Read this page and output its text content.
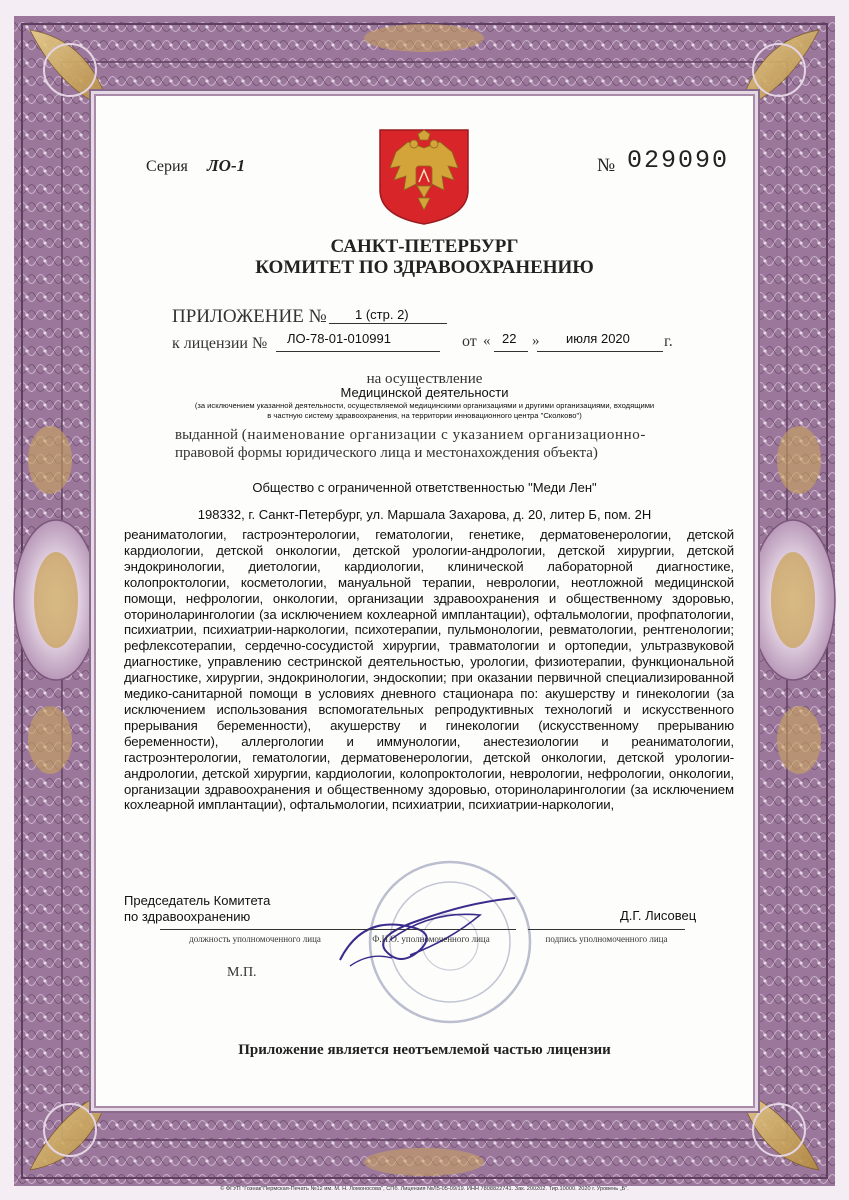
Серия ЛО-1	№ 029090
САНКТ-ПЕТЕРБУРГ
КОМИТЕТ ПО ЗДРАВООХРАНЕНИЮ
ПРИЛОЖЕНИЕ № 1 (стр. 2)
к лицензии № ЛО-78-01-010991	от « 22 » июля 2020 г.
на осуществление
Медицинской деятельности
(за исключением указанной деятельности, осуществляемой медицинскими организациями и другими организациями, входящими
в частную систему здравоохранения, на территории инновационного центра "Сколково")
выданной (наименование организации с указанием организационно-
правовой формы юридического лица и местонахождения объекта)
Общество с ограниченной ответственностью "Меди Лен"
198332, г. Санкт-Петербург, ул. Маршала Захарова, д. 20, литер Б, пом. 2Н
реаниматологии, гастроэнтерологии, гематологии, генетике, дерматовенерологии, детской кардиологии, детской онкологии, детской урологии-андрологии, детской хирургии, детской эндокринологии, диетологии, кардиологии, клинической лабораторной диагностике, колопроктологии, косметологии, мануальной терапии, неврологии, неотложной медицинской помощи, нефрологии, онкологии, организации здравоохранения и общественному здоровью, оториноларингологии (за исключением кохлеарной имплантации), офтальмологии, профпатологии, психиатрии, психиатрии-наркологии, психотерапии, пульмонологии, ревматологии, рентгенологии; рефлексотерапии, сердечно-сосудистой хирургии, травматологии и ортопедии, ультразвуковой диагностике, управлению сестринской деятельностью, урологии, физиотерапии, функциональной диагностике, хирургии, эндокринологии, эндоскопии; при оказании первичной специализированной медико-санитарной помощи в условиях дневного стационара по: акушерству и гинекологии (за исключением использования вспомогательных репродуктивных технологий и искусственного прерывания беременности), акушерству и гинекологии (искусственному прерыванию беременности), аллергологии и иммунологии, анестезиологии и реаниматологии, гастроэнтерологии, гематологии, дерматовенерологии, детской онкологии, детской урологии-андрологии, детской хирургии, кардиологии, колопроктологии, неврологии, нефрологии, онкологии, организации здравоохранения и общественному здоровью, оториноларингологии (за исключением кохлеарной имплантации), офтальмологии, психиатрии, психиатрии-наркологии,
Председатель Комитета
по здравоохранению	Д.Г. Лисовец
должность уполномоченного лица	Ф.И.О. уполномоченного лица	подпись уполномоченного лица
М.П.
Приложение является неотъемлемой частью лицензии
© ФГУП "Гознак"Пермская-Печать №12 им. М. Н. Ломоносова", СПб. Лицензия №Л5-05-09/19. ИНН 7808822741. Зак. 200202. Тир.10000. 2020 г. Уровень „Б".
